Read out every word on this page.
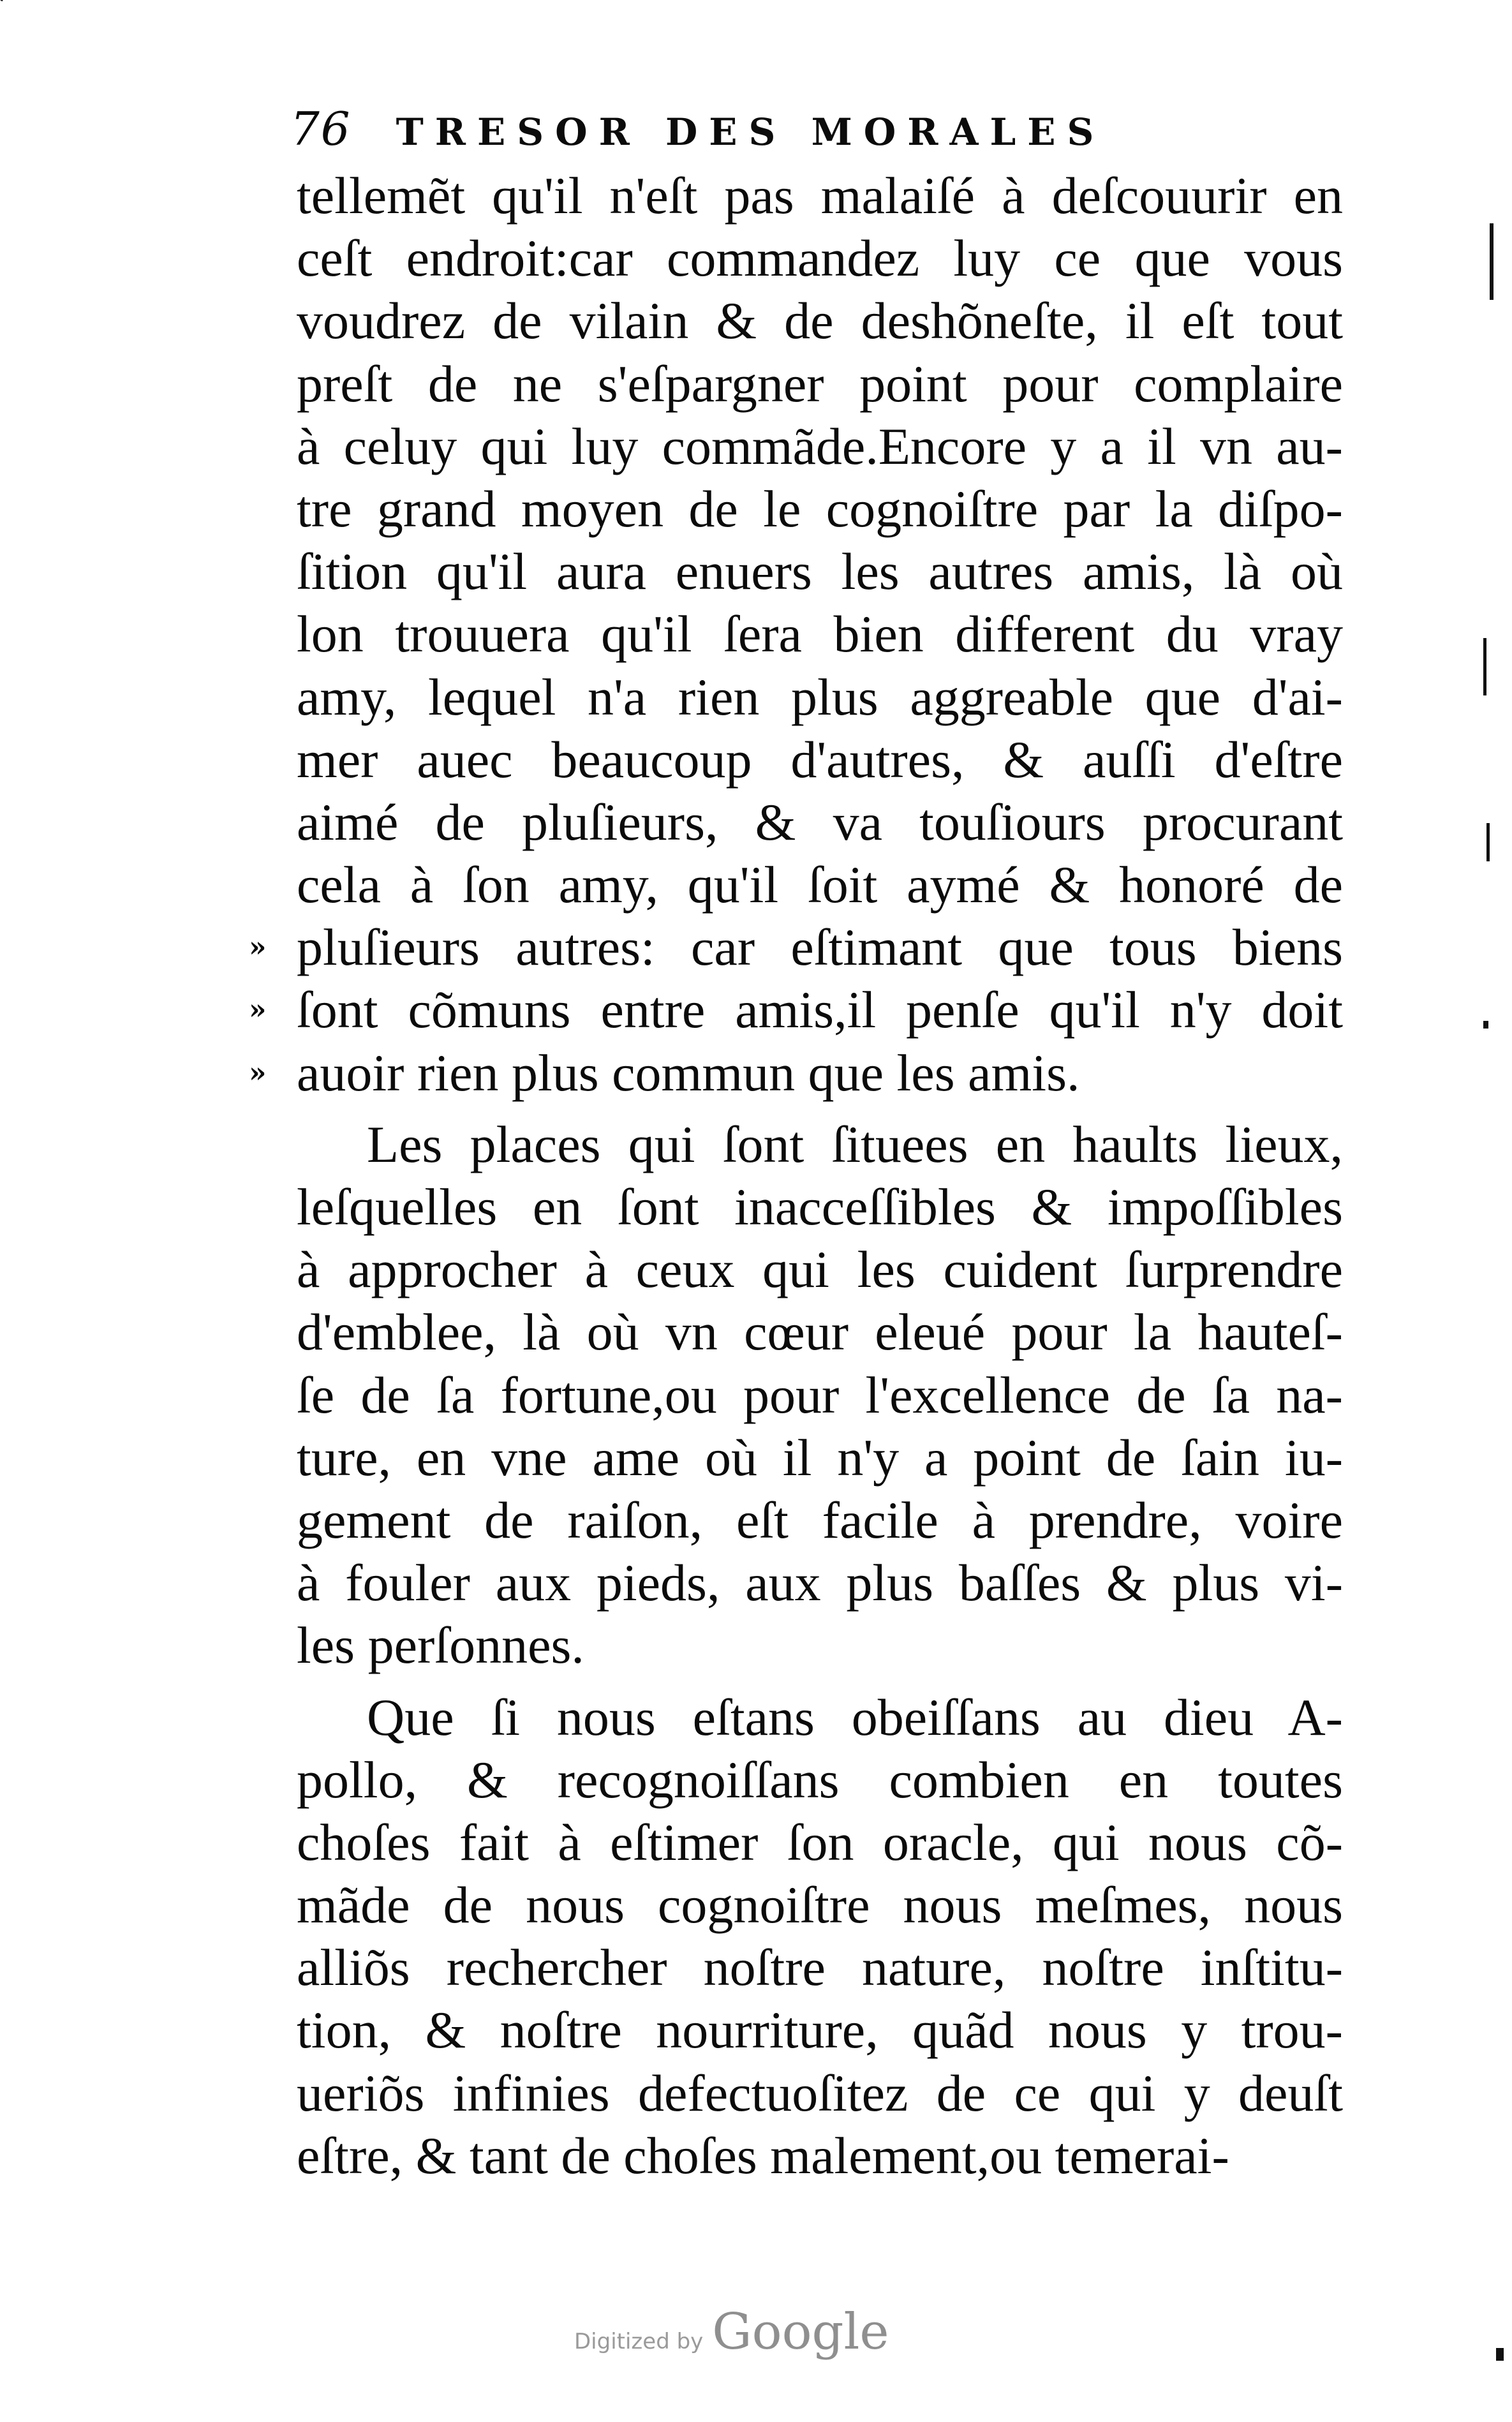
76 TRESOR DES MORALES
tellemẽt qu'il n'eſt pas malaiſé à deſcouurir en
ceſt endroit:car commandez luy ce que vous
voudrez de vilain & de deshõneſte, il eſt tout
preſt de ne s'eſpargner point pour complaire
à celuy qui luy commãde.Encore y a il vn au-
tre grand moyen de le cognoiſtre par la diſpo-
ſition qu'il aura enuers les autres amis, là où
lon trouuera qu'il ſera bien different du vray
amy, lequel n'a rien plus aggreable que d'ai-
mer auec beaucoup d'autres, & auſſi d'eſtre
aimé de pluſieurs, & va touſiours procurant
cela à ſon amy, qu'il ſoit aymé & honoré de
» pluſieurs autres: car eſtimant que tous biens
» ſont cõmuns entre amis,il penſe qu'il n'y doit
» auoir rien plus commun que les amis.
Les places qui ſont ſituees en haults lieux,
leſquelles en ſont inacceſſibles & impoſſibles
à approcher à ceux qui les cuident ſurprendre
d'emblee, là où vn cœur eleué pour la hauteſ-
ſe de ſa fortune,ou pour l'excellence de ſa na-
ture, en vne ame où il n'y a point de ſain iu-
gement de raiſon, eſt facile à prendre, voire
à fouler aux pieds, aux plus baſſes & plus vi-
les perſonnes.
Que ſi nous eſtans obeiſſans au dieu A-
pollo, & recognoiſſans combien en toutes
choſes fait à eſtimer ſon oracle, qui nous cõ-
mãde de nous cognoiſtre nous meſmes, nous
alliõs rechercher noſtre nature, noſtre inſtitu-
tion, & noſtre nourriture, quãd nous y trou-
ueriõs infinies defectuoſitez de ce qui y deuſt
eſtre, & tant de choſes malement,ou temerai-
Digitized by Google
